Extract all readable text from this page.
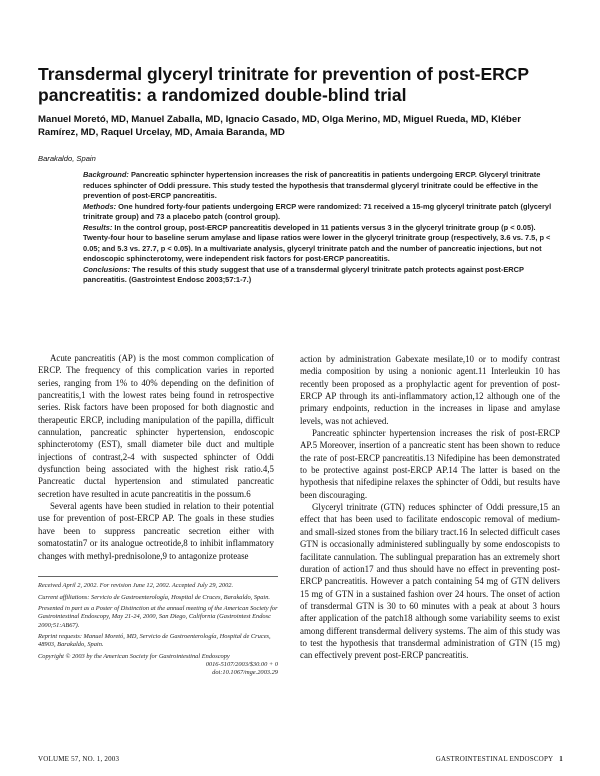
Transdermal glyceryl trinitrate for prevention of post-ERCP pancreatitis: a randomized double-blind trial
Manuel Moretó, MD, Manuel Zaballa, MD, Ignacio Casado, MD, Olga Merino, MD, Miguel Rueda, MD, Kléber Ramírez, MD, Raquel Urcelay, MD, Amaia Baranda, MD
Barakaldo, Spain

Background: Pancreatic sphincter hypertension increases the risk of pancreatitis in patients undergoing ERCP. Glyceryl trinitrate reduces sphincter of Oddi pressure. This study tested the hypothesis that transdermal glyceryl trinitrate could be effective in the prevention of post-ERCP pancreatitis.

Methods: One hundred forty-four patients undergoing ERCP were randomized: 71 received a 15-mg glyceryl trinitrate patch (glyceryl trinitrate group) and 73 a placebo patch (control group).

Results: In the control group, post-ERCP pancreatitis developed in 11 patients versus 3 in the glyceryl trinitrate group (p < 0.05). Twenty-four hour to baseline serum amylase and lipase ratios were lower in the glyceryl trinitrate group (respectively, 3.6 vs. 7.5, p < 0.05; and 5.3 vs. 27.7, p < 0.05). In a multivariate analysis, glyceryl trinitrate patch and the number of pancreatic injections, but not endoscopic sphincterotomy, were independent risk factors for post-ERCP pancreatitis.

Conclusions: The results of this study suggest that use of a transdermal glyceryl trinitrate patch protects against post-ERCP pancreatitis. (Gastrointest Endosc 2003;57:1-7.)

Acute pancreatitis (AP) is the most common complication of ERCP. The frequency of this complication varies in reported series, ranging from 1% to 40% depending on the definition of pancreatitis,1 with the lowest rates being found in retrospective series. Risk factors have been proposed for both diagnostic and therapeutic ERCP, including manipulation of the papilla, difficult cannulation, pancreatic sphincter hypertension, endoscopic sphincterotomy (EST), small diameter bile duct and multiple injections of contrast,2-4 with suspected sphincter of Oddi dysfunction being associated with the highest risk ratio.4,5 Pancreatic ductal hypertension and stimulated pancreatic secretion have resulted in acute pancreatitis in the possum.6

Several agents have been studied in relation to their potential use for prevention of post-ERCP AP. The goals in these studies have been to suppress pancreatic secretion either with somatostatin7 or its analogue octreotide,8 to inhibit inflammatory changes with methyl-prednisolone,9 to antagonize protease

Received April 2, 2002. For revision June 12, 2002. Accepted July 29, 2002.

Current affiliations: Servicio de Gastroenterología, Hospital de Cruces, Barakaldo, Spain.

Presented in part as a Poster of Distinction at the annual meeting of the American Society for Gastrointestinal Endoscopy, May 21-24, 2000, San Diego, California (Gastrointest Endosc 2000;51:AB67).

Reprint requests: Manuel Moretó, MD, Servicio de Gastroenterología, Hospital de Cruces, 48903, Barakaldo, Spain.

Copyright © 2003 by the American Society for Gastrointestinal Endoscopy

0016-5107/2003/$30.00 + 0

doi:10.1067/mge.2003.29

action by administration Gabexate mesilate,10 or to modify contrast media composition by using a nonionic agent.11 Interleukin 10 has recently been proposed as a prophylactic agent for prevention of post-ERCP AP through its anti-inflammatory action,12 although one of the primary endpoints, reduction in the increases in lipase and amylase levels, was not achieved.

Pancreatic sphincter hypertension increases the risk of post-ERCP AP.5 Moreover, insertion of a pancreatic stent has been shown to reduce the rate of post-ERCP pancreatitis.13 Nifedipine has been demonstrated to be protective against post-ERCP AP.14 The latter is based on the hypothesis that nifedipine relaxes the sphincter of Oddi, but results have been discouraging.

Glyceryl trinitrate (GTN) reduces sphincter of Oddi pressure,15 an effect that has been used to facilitate endoscopic removal of medium- and small-sized stones from the biliary tract.16 In selected difficult cases GTN is occasionally administered sublingually by some endoscopists to facilitate cannulation. The sublingual preparation has an extremely short duration of action17 and thus should have no effect in preventing post-ERCP pancreatitis. However a patch containing 54 mg of GTN delivers 15 mg of GTN in a sustained fashion over 24 hours. The onset of action of transdermal GTN is 30 to 60 minutes with a peak at about 3 hours after application of the patch18 although some variability seems to exist among different transdermal delivery systems. The aim of this study was to test the hypothesis that transdermal administration of GTN (15 mg) can effectively prevent post-ERCP pancreatitis.

VOLUME 57, NO. 1, 2003	GASTROINTESTINAL ENDOSCOPY 1
